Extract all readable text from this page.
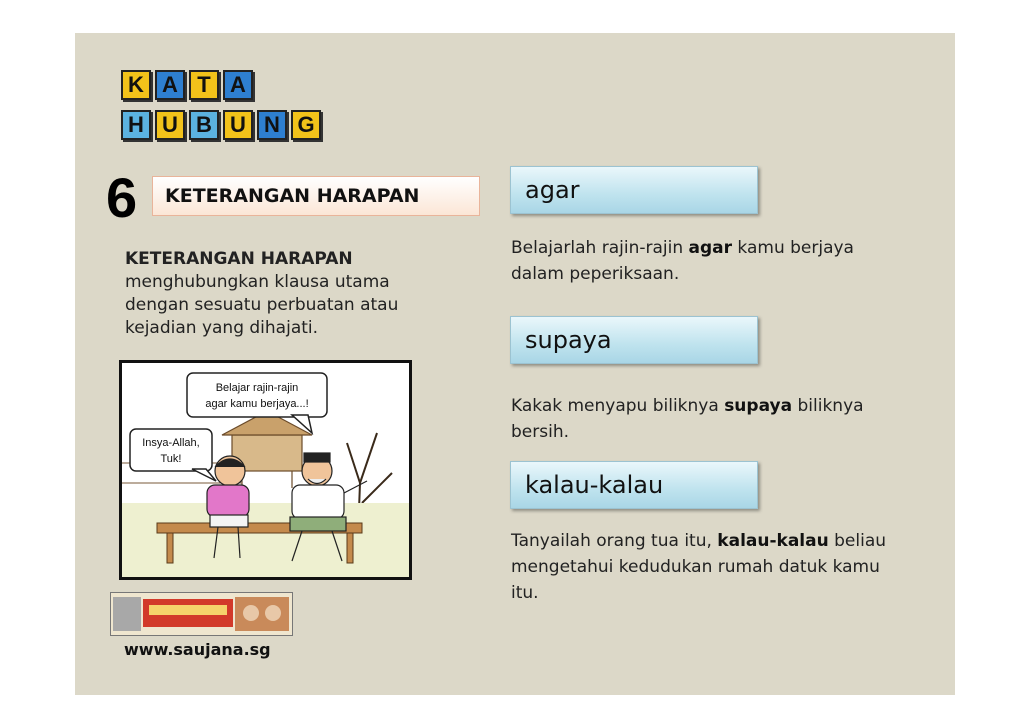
K A T A
H U B U N G
6	KETERANGAN HARAPAN
KETERANGAN HARAPAN
menghubungkan klausa utama dengan sesuatu perbuatan atau kejadian yang dihajati.
Belajar rajin-rajin
agar kamu berjaya...!
Insya-Allah,
Tuk!
www.saujana.sg
agar
Belajarlah rajin-rajin agar kamu berjaya dalam peperiksaan.
supaya
Kakak menyapu biliknya supaya biliknya bersih.
kalau-kalau
Tanyailah orang tua itu, kalau-kalau beliau mengetahui kedudukan rumah datuk kamu itu.
